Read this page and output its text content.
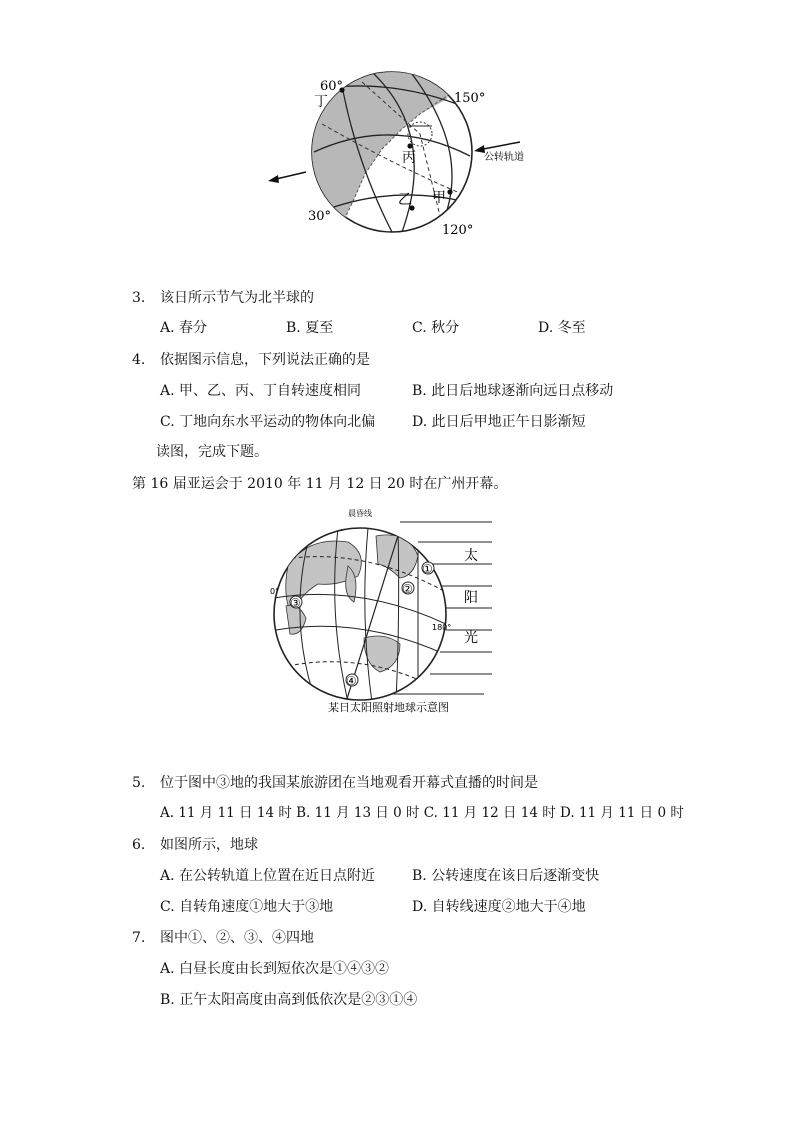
60°
丁	150°
丙
乙 甲
30°
120°
公转轨道
3. 该日所示节气为北半球的
A. 春分	B. 夏至	C. 秋分	D. 冬至
4. 依据图示信息，下列说法正确的是
A. 甲、乙、丙、丁自转速度相同	B. 此日后地球逐渐向远日点移动
C. 丁地向东水平运动的物体向北偏	D. 此日后甲地正午日影渐短
读图，完成下题。
第 16 届亚运会于 2010 年 11 月 12 日 20 时在广州开幕。
①
②
③
④
晨昏线
0°
180°
太
阳
光
某日太阳照射地球示意图
5. 位于图中③地的我国某旅游团在当地观看开幕式直播的时间是
A. 11 月 11 日 14 时 B. 11 月 13 日 0 时 C. 11 月 12 日 14 时 D. 11 月 11 日 0 时
6. 如图所示，地球
A. 在公转轨道上位置在近日点附近	B. 公转速度在该日后逐渐变快
C. 自转角速度①地大于③地	D. 自转线速度②地大于④地
7. 图中①、②、③、④四地
A. 白昼长度由长到短依次是①④③②
B. 正午太阳高度由高到低依次是②③①④
